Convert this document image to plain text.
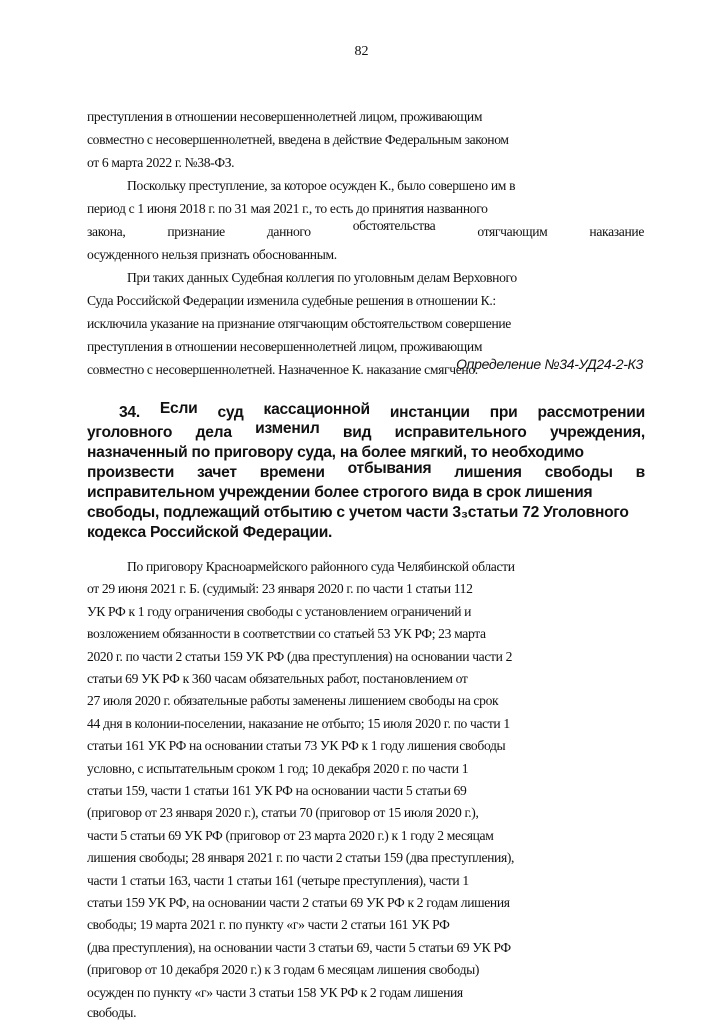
82
преступления в отношении несовершеннолетней лицом, проживающим
совместно с несовершеннолетней, введена в действие Федеральным законом
от 6 марта 2022 г. №38-ФЗ.
Поскольку преступление, за которое осужден К., было совершено им в
период с 1 июня 2018 г. по 31 мая 2021 г., то есть до принятия названного
закона,	признание	данного	обстоятельства	отягчающим	наказание
осужденного нельзя признать обоснованным.
При таких данных Судебная коллегия по уголовным делам Верховного
Суда Российской Федерации изменила судебные решения в отношении К.:
исключила указание на признание отягчающим обстоятельством совершение
преступления в отношении несовершеннолетней лицом, проживающим
совместно с несовершеннолетней. Назначенное К. наказание смягчено.
Определение №34-УД24-2-К3
34. Если суд кассационной инстанции при рассмотрении
уголовного дела изменил вид исправительного учреждения,
назначенный по приговору суда, на более мягкий, то необходимо
произвести зачет времени отбывания лишения свободы в
исправительном учреждении более строгого вида в срок лишения
свободы, подлежащий отбытию с учетом части 3₃статьи 72 Уголовного
кодекса Российской Федерации.
По приговору Красноармейского районного суда Челябинской области
от 29 июня 2021 г. Б. (судимый: 23 января 2020 г. по части 1 статьи 112
УК РФ к 1 году ограничения свободы с установлением ограничений и
возложением обязанности в соответствии со статьей 53 УК РФ; 23 марта
2020 г. по части 2 статьи 159 УК РФ (два преступления) на основании части 2
статьи 69 УК РФ к 360 часам обязательных работ, постановлением от
27 июля 2020 г. обязательные работы заменены лишением свободы на срок
44 дня в колонии-поселении, наказание не отбыто; 15 июля 2020 г. по части 1
статьи 161 УК РФ на основании статьи 73 УК РФ к 1 году лишения свободы
условно, с испытательным сроком 1 год; 10 декабря 2020 г. по части 1
статьи 159, части 1 статьи 161 УК РФ на основании части 5 статьи 69
(приговор от 23 января 2020 г.), статьи 70 (приговор от 15 июля 2020 г.),
части 5 статьи 69 УК РФ (приговор от 23 марта 2020 г.) к 1 году 2 месяцам
лишения свободы; 28 января 2021 г. по части 2 статьи 159 (два преступления),
части 1 статьи 163, части 1 статьи 161 (четыре преступления), части 1
статьи 159 УК РФ, на основании части 2 статьи 69 УК РФ к 2 годам лишения
свободы; 19 марта 2021 г. по пункту «г» части 2 статьи 161 УК РФ
(два преступления), на основании части 3 статьи 69, части 5 статьи 69 УК РФ
(приговор от 10 декабря 2020 г.) к 3 годам 6 месяцам лишения свободы)
осужден по пункту «г» части 3 статьи 158 УК РФ к 2 годам лишения
свободы.
